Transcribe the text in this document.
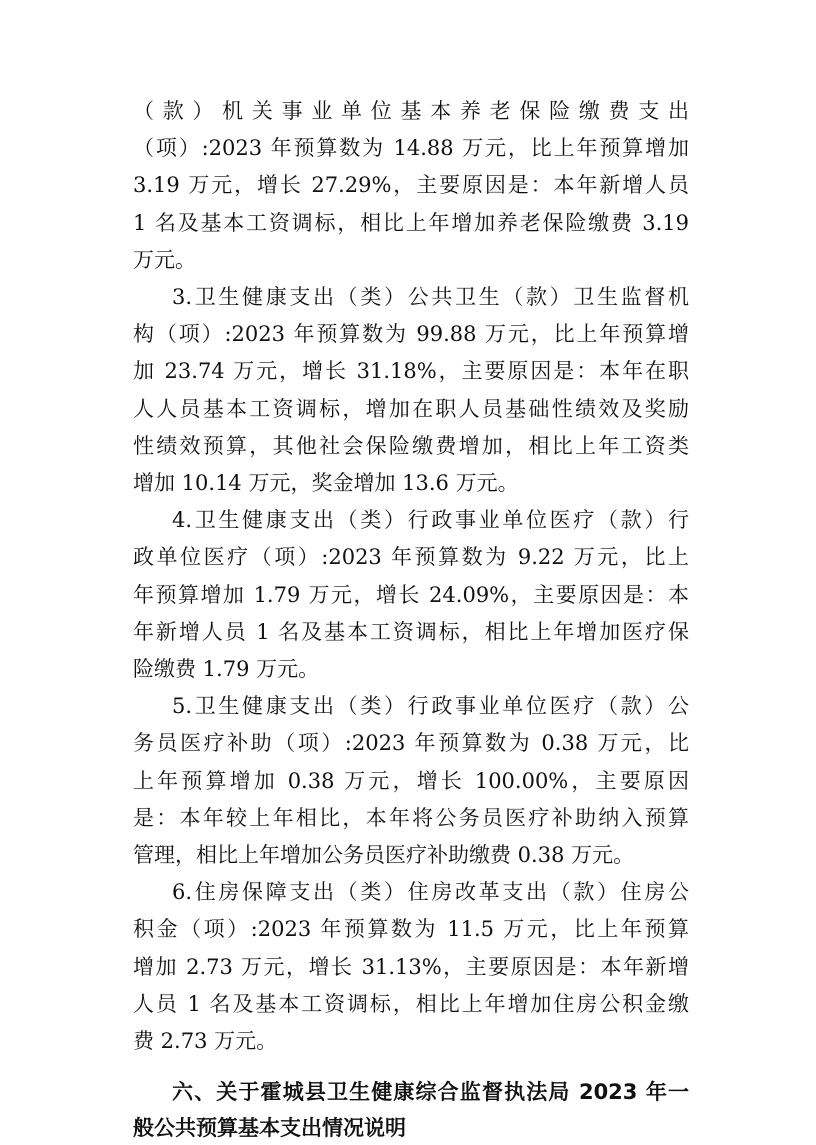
（款）机关事业单位基本养老保险缴费支出
（项）:2023 年预算数为 14.88 万元，比上年预算增加
3.19 万元，增长 27.29%，主要原因是：本年新增人员
1 名及基本工资调标，相比上年增加养老保险缴费 3.19
万元。
3.卫生健康支出（类）公共卫生（款）卫生监督机
构（项）:2023 年预算数为 99.88 万元，比上年预算增
加 23.74 万元，增长 31.18%，主要原因是：本年在职
人人员基本工资调标，增加在职人员基础性绩效及奖励
性绩效预算，其他社会保险缴费增加，相比上年工资类
增加 10.14 万元，奖金增加 13.6 万元。
4.卫生健康支出（类）行政事业单位医疗（款）行
政单位医疗（项）:2023 年预算数为 9.22 万元，比上
年预算增加 1.79 万元，增长 24.09%，主要原因是：本
年新增人员 1 名及基本工资调标，相比上年增加医疗保
险缴费 1.79 万元。
5.卫生健康支出（类）行政事业单位医疗（款）公
务员医疗补助（项）:2023 年预算数为 0.38 万元，比
上年预算增加 0.38 万元，增长 100.00%，主要原因
是：本年较上年相比，本年将公务员医疗补助纳入预算
管理，相比上年增加公务员医疗补助缴费 0.38 万元。
6.住房保障支出（类）住房改革支出（款）住房公
积金（项）:2023 年预算数为 11.5 万元，比上年预算
增加 2.73 万元，增长 31.13%，主要原因是：本年新增
人员 1 名及基本工资调标，相比上年增加住房公积金缴
费 2.73 万元。
六、关于霍城县卫生健康综合监督执法局 2023 年一
般公共预算基本支出情况说明
